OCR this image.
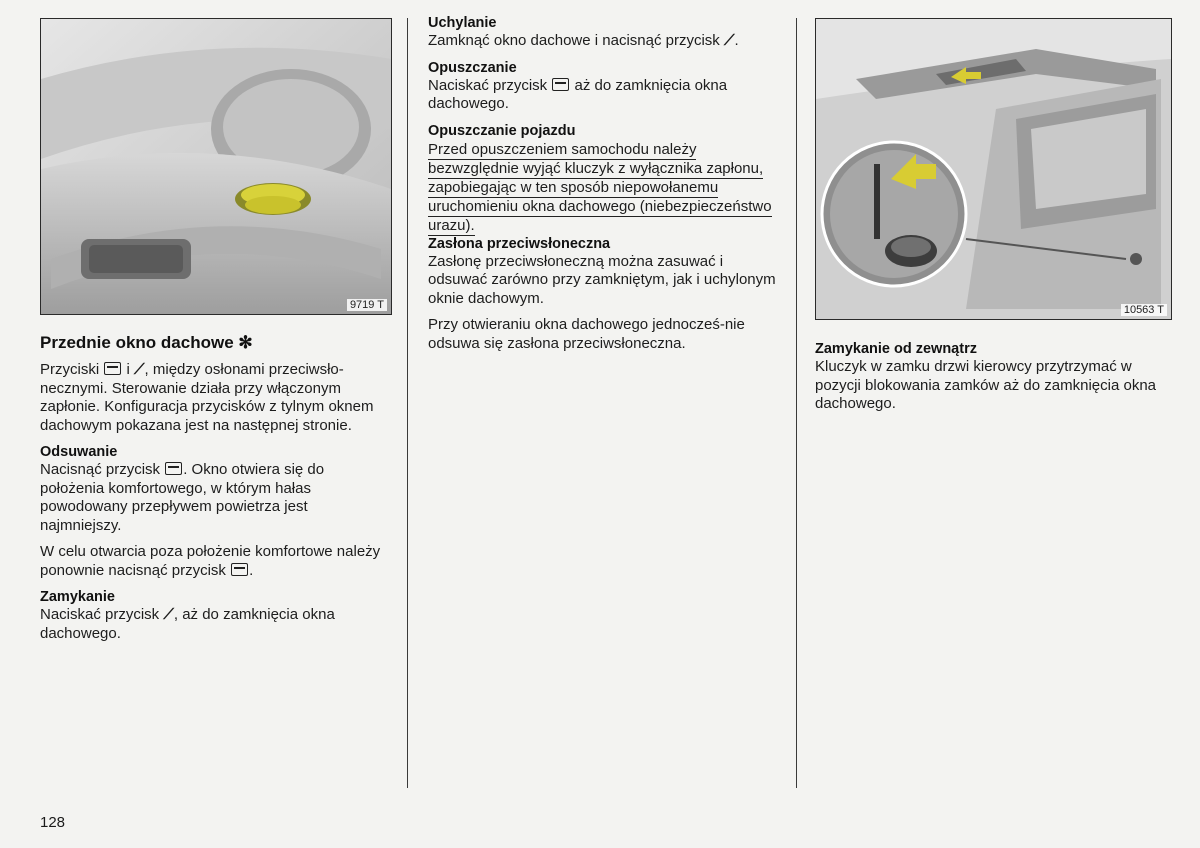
9719 T	10563 T
Przednie okno dachowe ✻

Przyciski i ⟋, między osłonami przeciwsło-necznymi. Sterowanie działa przy włączonym zapłonie. Konfiguracja przycisków z tylnym oknem dachowym pokazana jest na następnej stronie.

Odsuwanie

Nacisnąć przycisk . Okno otwiera się do położenia komfortowego, w którym hałas powodowany przepływem powietrza jest najmniejszy.

W celu otwarcia poza położenie komfortowe należy ponownie nacisnąć przycisk .

Zamykanie

Naciskać przycisk ⟋, aż do zamknięcia okna dachowego.

Uchylanie

Zamknąć okno dachowe i nacisnąć przycisk ⟋.

Opuszczanie

Naciskać przycisk aż do zamknięcia okna dachowego.

Opuszczanie pojazdu

Przed opuszczeniem samochodu należy bezwzględnie wyjąć kluczyk z wyłącznika zapłonu, zapobiegając w ten sposób niepowołanemu uruchomieniu okna dachowego (niebezpieczeństwo urazu).

Zasłona przeciwsłoneczna

Zasłonę przeciwsłoneczną można zasuwać i odsuwać zarówno przy zamkniętym, jak i uchylonym oknie dachowym.

Przy otwieraniu okna dachowego jednocześ-nie odsuwa się zasłona przeciwsłoneczna.	Zamykanie od zewnątrz

Kluczyk w zamku drzwi kierowcy przytrzymać w pozycji blokowania zamków aż do zamknięcia okna dachowego.

128
